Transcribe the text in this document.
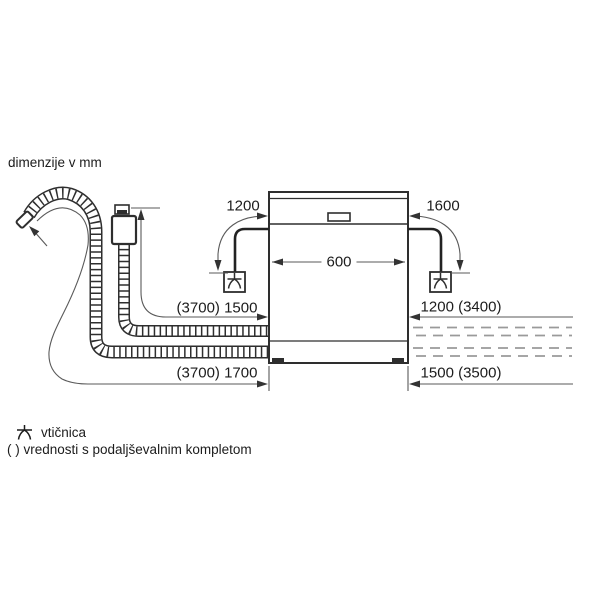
dimenzije v mm
1200	1600
600
(3700) 1500	1200 (3400)
(3700) 1700	1500 (3500)
vtičnica
( ) vrednosti s podaljševalnim kompletom
